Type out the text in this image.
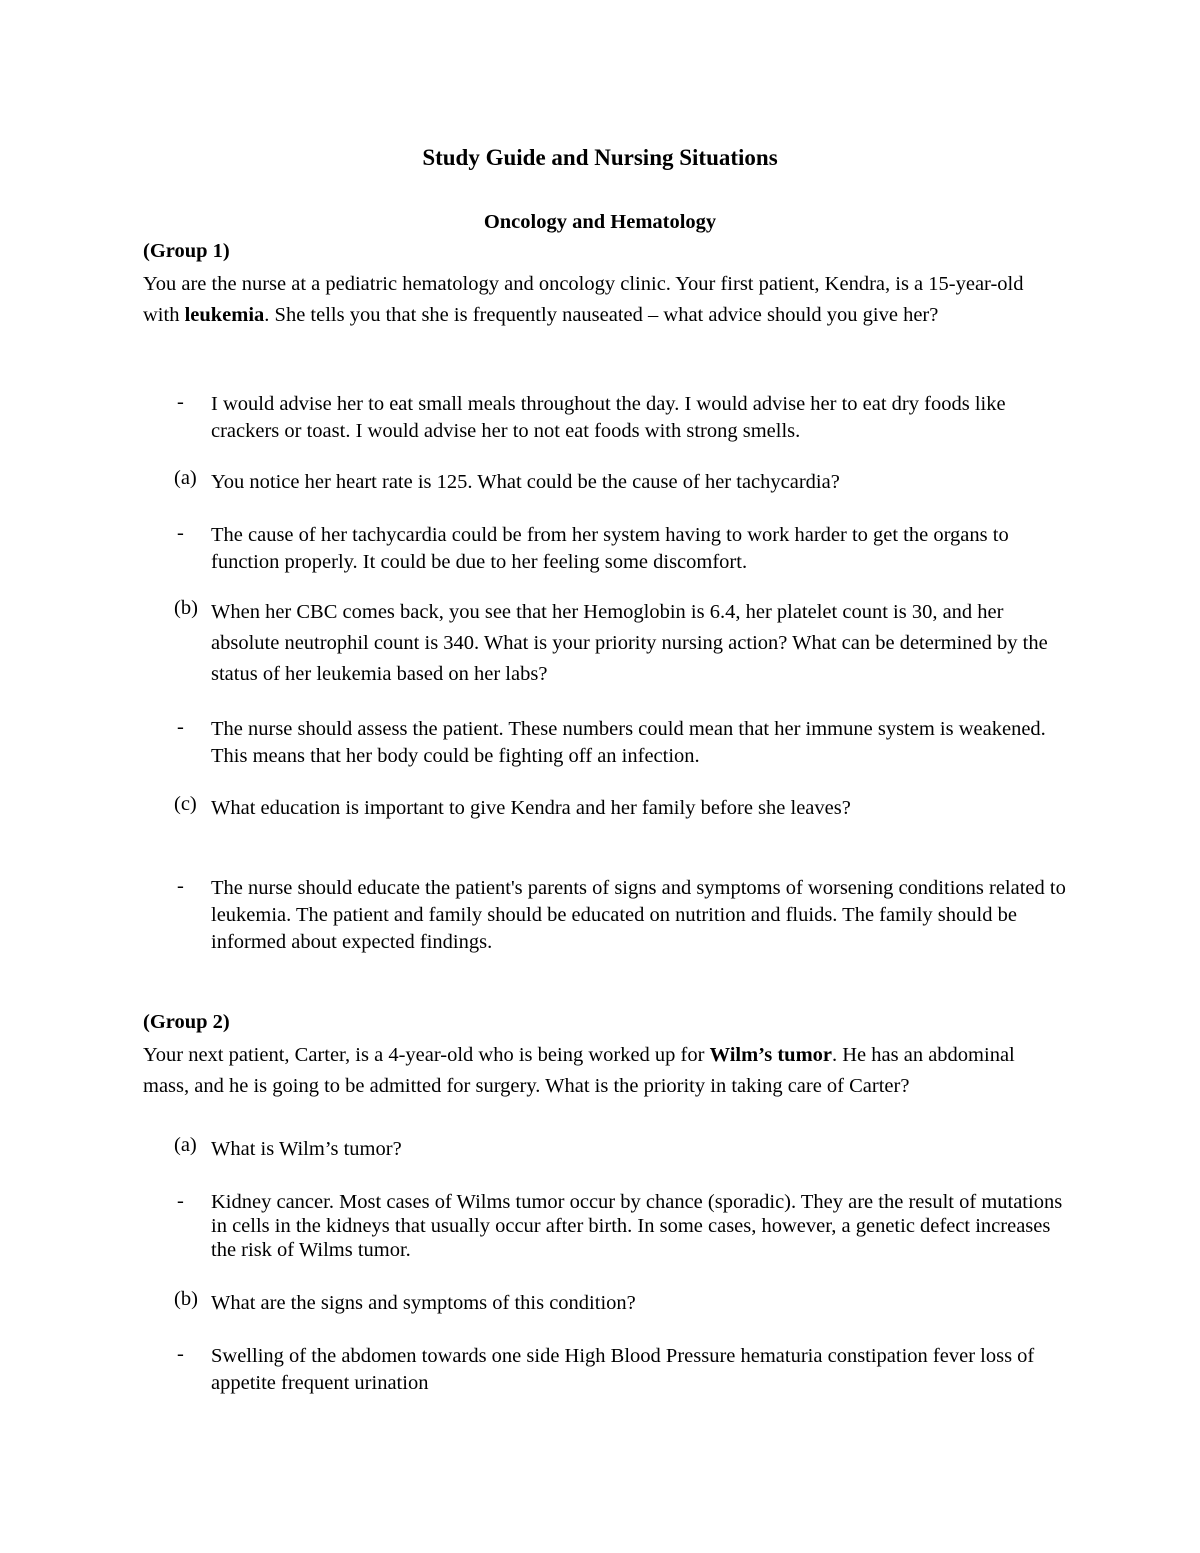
Study Guide and Nursing Situations
Oncology and Hematology
(Group 1)
You are the nurse at a pediatric hematology and oncology clinic. Your first patient, Kendra, is a 15-year-old with leukemia. She tells you that she is frequently nauseated – what advice should you give her?
- I would advise her to eat small meals throughout the day. I would advise her to eat dry foods like crackers or toast. I would advise her to not eat foods with strong smells.
(a) You notice her heart rate is 125. What could be the cause of her tachycardia?
- The cause of her tachycardia could be from her system having to work harder to get the organs to function properly. It could be due to her feeling some discomfort.
(b) When her CBC comes back, you see that her Hemoglobin is 6.4, her platelet count is 30, and her absolute neutrophil count is 340. What is your priority nursing action? What can be determined by the status of her leukemia based on her labs?
- The nurse should assess the patient. These numbers could mean that her immune system is weakened. This means that her body could be fighting off an infection.
(c) What education is important to give Kendra and her family before she leaves?
- The nurse should educate the patient's parents of signs and symptoms of worsening conditions related to leukemia. The patient and family should be educated on nutrition and fluids. The family should be informed about expected findings.
(Group 2)
Your next patient, Carter, is a 4-year-old who is being worked up for Wilm’s tumor. He has an abdominal mass, and he is going to be admitted for surgery. What is the priority in taking care of Carter?
(a) What is Wilm’s tumor?
- Kidney cancer. Most cases of Wilms tumor occur by chance (sporadic). They are the result of mutations in cells in the kidneys that usually occur after birth. In some cases, however, a genetic defect increases the risk of Wilms tumor.
(b) What are the signs and symptoms of this condition?
- Swelling of the abdomen towards one side High Blood Pressure hematuria constipation fever loss of appetite frequent urination
